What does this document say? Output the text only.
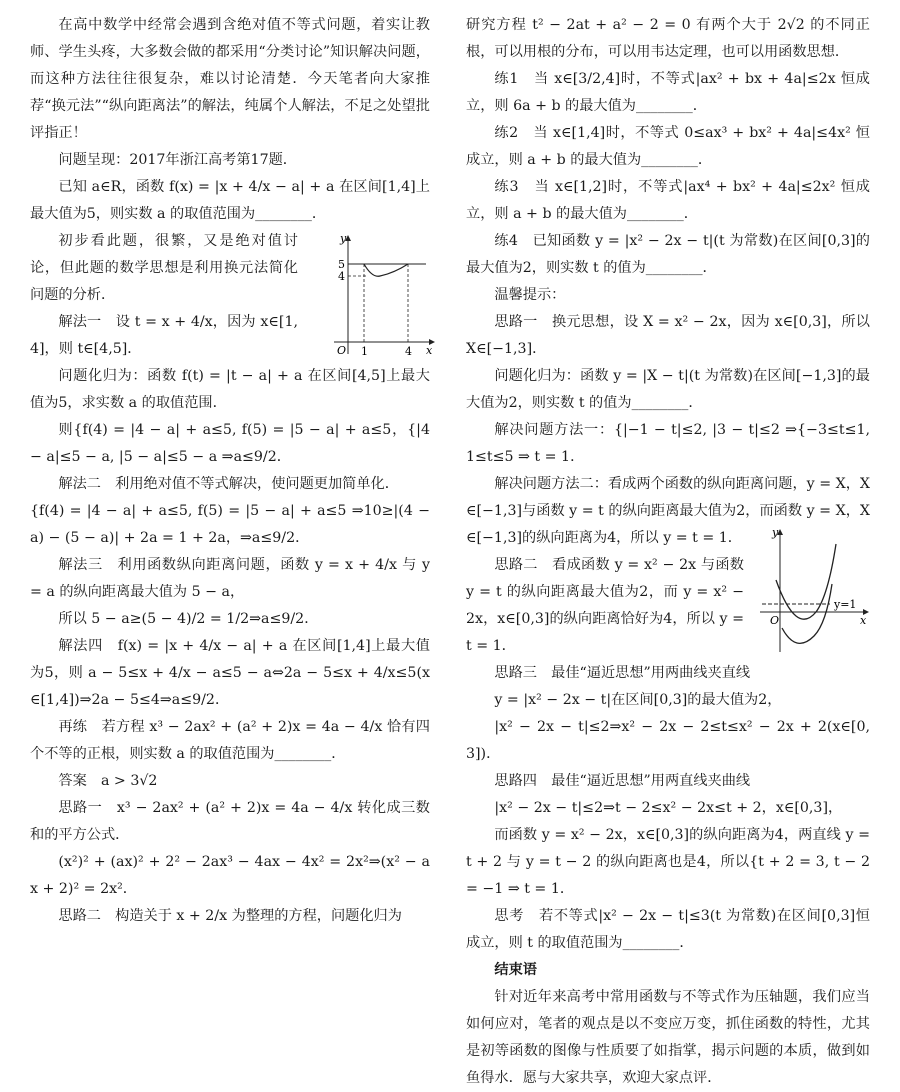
在高中数学中经常会遇到含绝对值不等式问题，着实让教师、学生头疼，大多数会做的都采用“分类讨论”知识解决问题，而这种方法往往很复杂，难以讨论清楚．今天笔者向大家推荐“换元法”“纵向距离法”的解法，纯属个人解法，不足之处望批评指正！

问题呈现：2017年浙江高考第17题．

已知 a∈R，函数 f(x) = |x + 4/x − a| + a 在区间[1,4]上最大值为5，则实数 a 的取值范围为________．

初步看此题，很繁，又是绝对值讨论，但此题的数学思想是利用换元法简化问题的分析．

解法一　设 t = x + 4/x，因为 x∈[1,4]，则 t∈[4,5]．

问题化归为：函数 f(t) = |t − a| + a 在区间[4,5]上最大值为5，求实数 a 的取值范围．

则{f(4) = |4 − a| + a≤5, f(5) = |5 − a| + a≤5，{|4 − a|≤5 − a, |5 − a|≤5 − a ⇒a≤9/2．

解法二　利用绝对值不等式解决，使问题更加简单化．

{f(4) = |4 − a| + a≤5, f(5) = |5 − a| + a≤5 ⇒10≥|(4 − a) − (5 − a)| + 2a = 1 + 2a，⇒a≤9/2．

解法三　利用函数纵向距离问题，函数 y = x + 4/x 与 y = a 的纵向距离最大值为 5 − a，

所以 5 − a≥(5 − 4)/2 = 1/2⇒a≤9/2．

解法四　f(x) = |x + 4/x − a| + a 在区间[1,4]上最大值为5，则 a − 5≤x + 4/x − a≤5 − a⇔2a − 5≤x + 4/x≤5(x∈[1,4])⇒2a − 5≤4⇒a≤9/2．

再练　若方程 x³ − 2ax² + (a² + 2)x = 4a − 4/x 恰有四个不等的正根，则实数 a 的取值范围为________．

答案　a > 3√2

思路一　x³ − 2ax² + (a² + 2)x = 4a − 4/x 转化成三数和的平方公式．

(x²)² + (ax)² + 2² − 2ax³ − 4ax − 4x² = 2x²⇒(x² − ax + 2)² = 2x²．

思路二　构造关于 x + 2/x 为整理的方程，问题化归为

y
x
O 1	4
5
4

研究方程 t² − 2at + a² − 2 = 0 有两个大于 2√2 的不同正根，可以用根的分布，可以用韦达定理，也可以用函数思想．

练1　当 x∈[3/2,4]时，不等式|ax² + bx + 4a|≤2x 恒成立，则 6a + b 的最大值为________．

练2　当 x∈[1,4]时，不等式 0≤ax³ + bx² + 4a|≤4x² 恒成立，则 a + b 的最大值为________．

练3　当 x∈[1,2]时，不等式|ax⁴ + bx² + 4a|≤2x² 恒成立，则 a + b 的最大值为________．

练4　已知函数 y = |x² − 2x − t|(t 为常数)在区间[0,3]的最大值为2，则实数 t 的值为________．

温馨提示：

思路一　换元思想，设 X = x² − 2x，因为 x∈[0,3]，所以 X∈[−1,3]．

问题化归为：函数 y = |X − t|(t 为常数)在区间[−1,3]的最大值为2，则实数 t 的值为________．

解决问题方法一：{|−1 − t|≤2, |3 − t|≤2 ⇒{−3≤t≤1, 1≤t≤5 ⇒ t = 1．

解决问题方法二：看成两个函数的纵向距离问题，y = X，X∈[−1,3]与函数 y = t 的纵向距离最大值为2，而函数 y = X，X∈[−1,3]的纵向距离为4，所以 y = t = 1．

思路二　看成函数 y = x² − 2x 与函数 y = t 的纵向距离最大值为2，而 y = x² − 2x，x∈[0,3]的纵向距离恰好为4，所以 y = t = 1．

思路三　最佳“逼近思想”用两曲线夹直线

y = |x² − 2x − t|在区间[0,3]的最大值为2，

|x² − 2x − t|≤2⇒x² − 2x − 2≤t≤x² − 2x + 2(x∈[0,3])．

思路四　最佳“逼近思想”用两直线夹曲线

|x² − 2x − t|≤2⇒t − 2≤x² − 2x≤t + 2，x∈[0,3]，

而函数 y = x² − 2x，x∈[0,3]的纵向距离为4，两直线 y = t + 2 与 y = t − 2 的纵向距离也是4，所以{t + 2 = 3, t − 2 = −1 ⇒ t = 1．

思考　若不等式|x² − 2x − t|≤3(t 为常数)在区间[0,3]恒成立，则 t 的取值范围为________．

结束语

针对近年来高考中常用函数与不等式作为压轴题，我们应当如何应对，笔者的观点是以不变应万变，抓住函数的特性，尤其是初等函数的图像与性质要了如指掌，揭示问题的本质，做到如鱼得水．愿与大家共享，欢迎大家点评．

y
x
O
y=1
